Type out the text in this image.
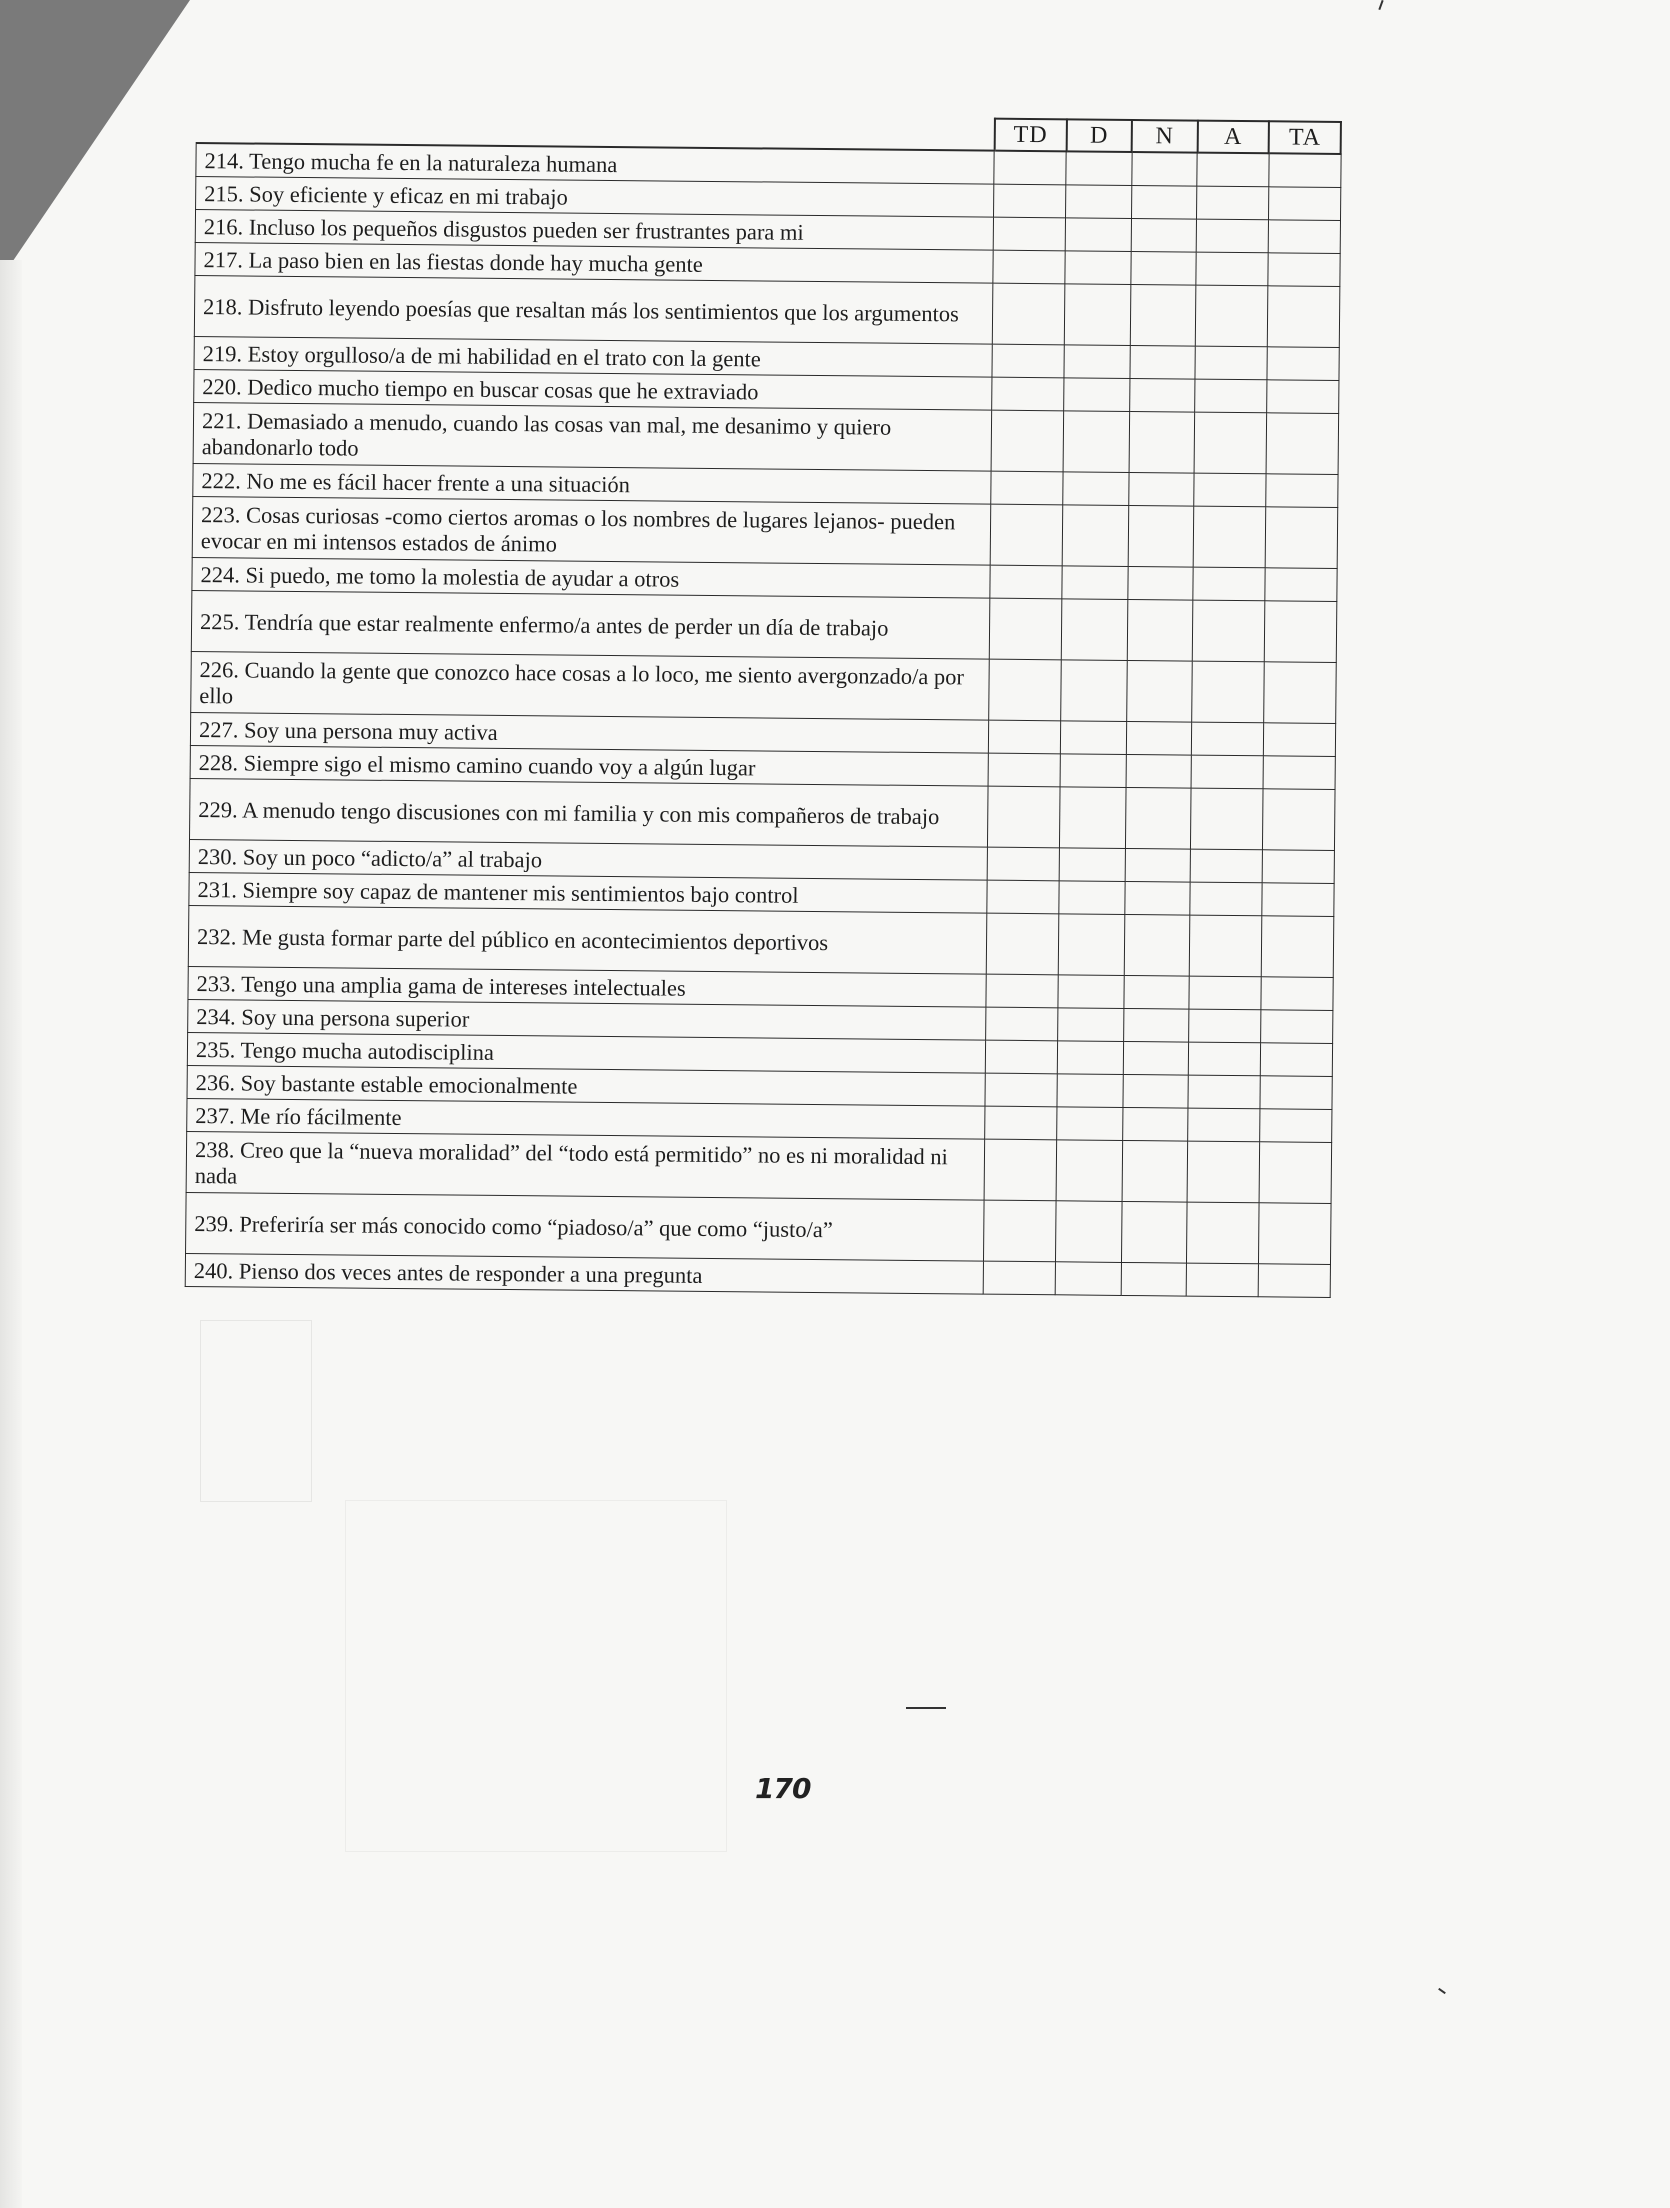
	TD	D	N	A	TA
214. Tengo mucha fe en la naturaleza humana					
215. Soy eficiente y eficaz en mi trabajo					
216. Incluso los pequeños disgustos pueden ser frustrantes para mi					
217. La paso bien en las fiestas donde hay mucha gente					
218. Disfruto leyendo poesías que resaltan más los sentimientos que los argumentos					
219. Estoy orgulloso/a de mi habilidad en el trato con la gente					
220. Dedico mucho tiempo en buscar cosas que he extraviado					
221. Demasiado a menudo, cuando las cosas van mal, me desanimo y quiero abandonarlo todo					
222. No me es fácil hacer frente a una situación					
223. Cosas curiosas -como ciertos aromas o los nombres de lugares lejanos- pueden evocar en mi intensos estados de ánimo					
224. Si puedo, me tomo la molestia de ayudar a otros					
225. Tendría que estar realmente enfermo/a antes de perder un día de trabajo					
226. Cuando la gente que conozco hace cosas a lo loco, me siento avergonzado/a por ello					
227. Soy una persona muy activa					
228. Siempre sigo el mismo camino cuando voy a algún lugar					
229. A menudo tengo discusiones con mi familia y con mis compañeros de trabajo					
230. Soy un poco “adicto/a” al trabajo					
231. Siempre soy capaz de mantener mis sentimientos bajo control					
232. Me gusta formar parte del público en acontecimientos deportivos					
233. Tengo una amplia gama de intereses intelectuales					
234. Soy una persona superior					
235. Tengo mucha autodisciplina					
236. Soy bastante estable emocionalmente					
237. Me río fácilmente					
238. Creo que la “nueva moralidad” del “todo está permitido” no es ni moralidad ni nada					
239. Preferiría ser más conocido como “piadoso/a” que como “justo/a”					
240. Pienso dos veces antes de responder a una pregunta					
170
